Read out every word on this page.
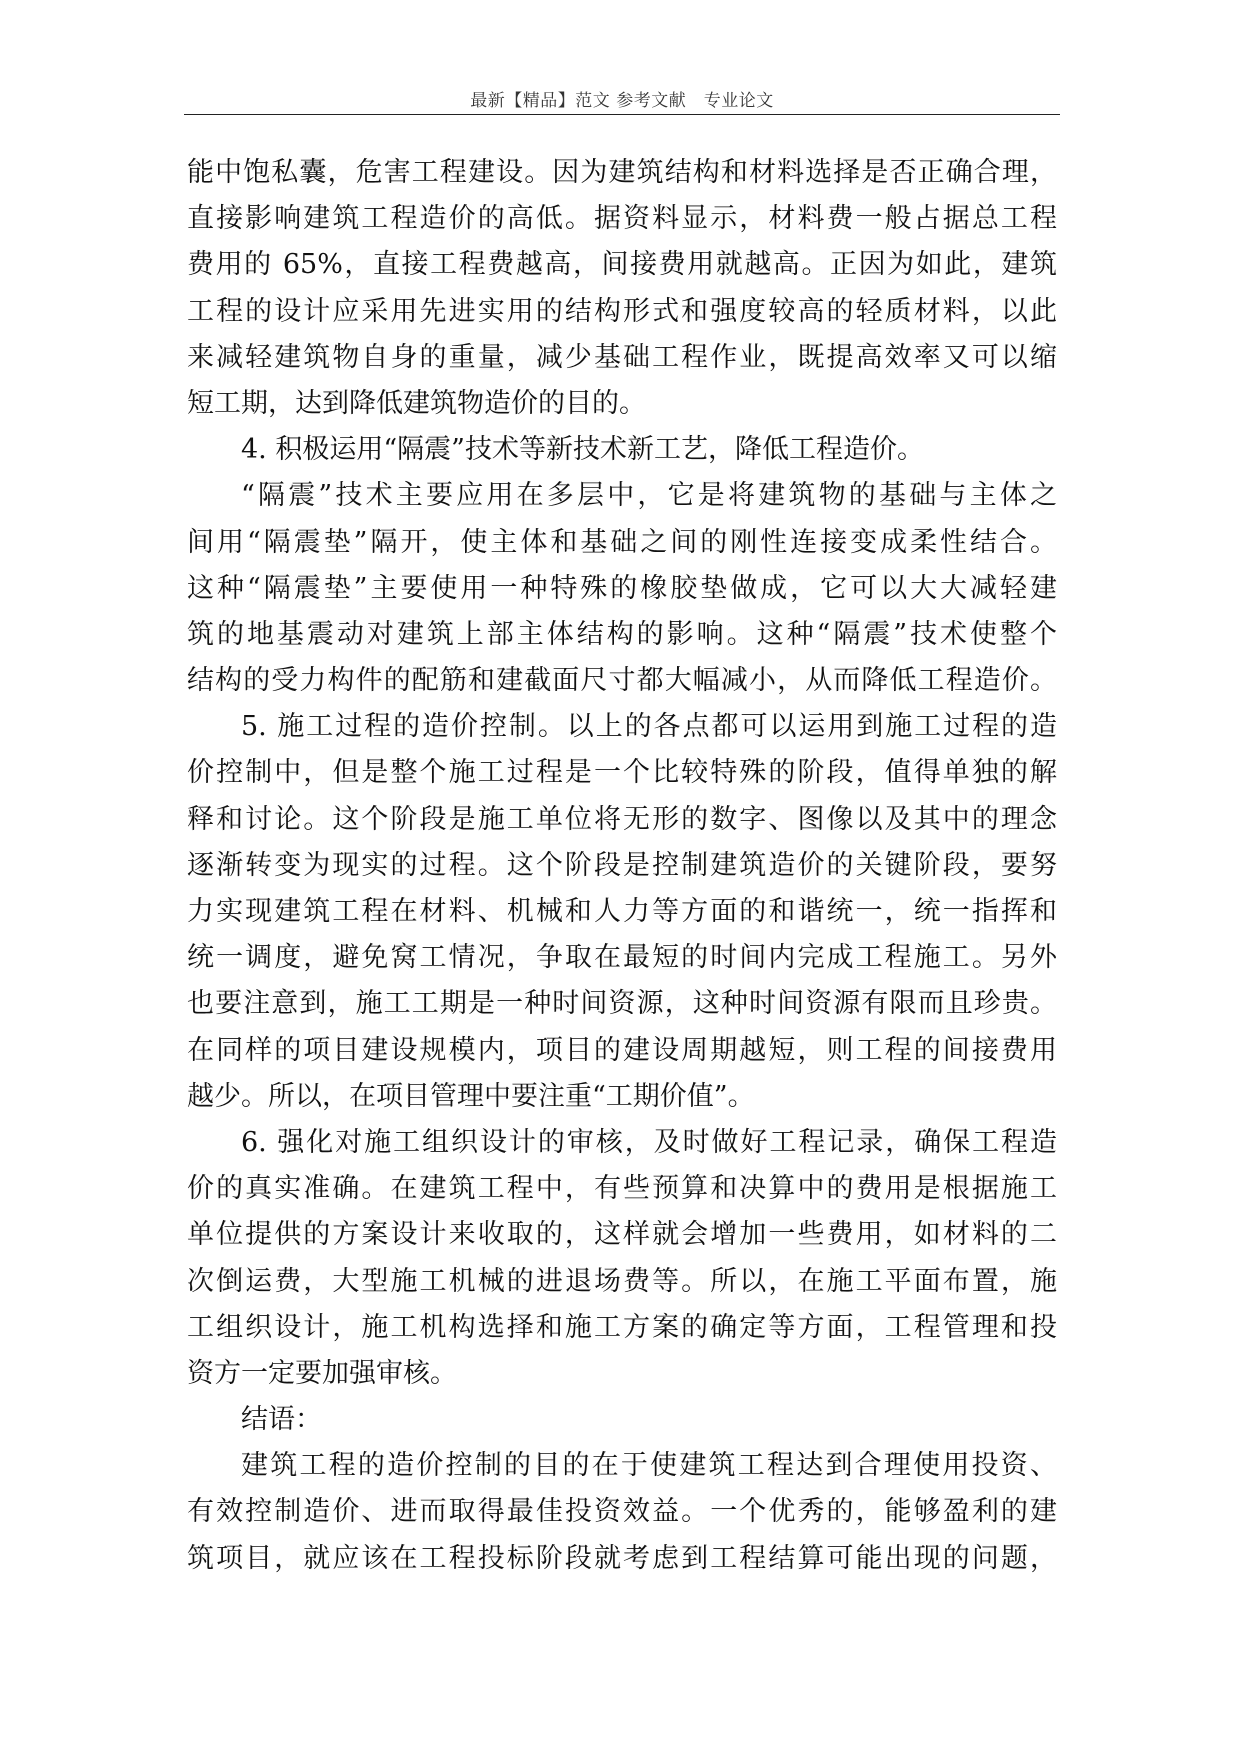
最新【精品】范文 参考文献　专业论文
能中饱私囊，危害工程建设。因为建筑结构和材料选择是否正确合理，
直接影响建筑工程造价的高低。据资料显示，材料费一般占据总工程
费用的 65%，直接工程费越高，间接费用就越高。正因为如此，建筑
工程的设计应采用先进实用的结构形式和强度较高的轻质材料，以此
来减轻建筑物自身的重量，减少基础工程作业，既提高效率又可以缩
短工期，达到降低建筑物造价的目的。
4. 积极运用“隔震”技术等新技术新工艺，降低工程造价。
“隔震”技术主要应用在多层中，它是将建筑物的基础与主体之
间用“隔震垫”隔开，使主体和基础之间的刚性连接变成柔性结合。
这种“隔震垫”主要使用一种特殊的橡胶垫做成，它可以大大减轻建
筑的地基震动对建筑上部主体结构的影响。这种“隔震”技术使整个
结构的受力构件的配筋和建截面尺寸都大幅减小，从而降低工程造价。
5. 施工过程的造价控制。以上的各点都可以运用到施工过程的造
价控制中，但是整个施工过程是一个比较特殊的阶段，值得单独的解
释和讨论。这个阶段是施工单位将无形的数字、图像以及其中的理念
逐渐转变为现实的过程。这个阶段是控制建筑造价的关键阶段，要努
力实现建筑工程在材料、机械和人力等方面的和谐统一，统一指挥和
统一调度，避免窝工情况，争取在最短的时间内完成工程施工。另外
也要注意到，施工工期是一种时间资源，这种时间资源有限而且珍贵。
在同样的项目建设规模内，项目的建设周期越短，则工程的间接费用
越少。所以，在项目管理中要注重“工期价值”。
6. 强化对施工组织设计的审核，及时做好工程记录，确保工程造
价的真实准确。在建筑工程中，有些预算和决算中的费用是根据施工
单位提供的方案设计来收取的，这样就会增加一些费用，如材料的二
次倒运费，大型施工机械的进退场费等。所以，在施工平面布置，施
工组织设计，施工机构选择和施工方案的确定等方面，工程管理和投
资方一定要加强审核。
结语：
建筑工程的造价控制的目的在于使建筑工程达到合理使用投资、
有效控制造价、进而取得最佳投资效益。一个优秀的，能够盈利的建
筑项目，就应该在工程投标阶段就考虑到工程结算可能出现的问题，
